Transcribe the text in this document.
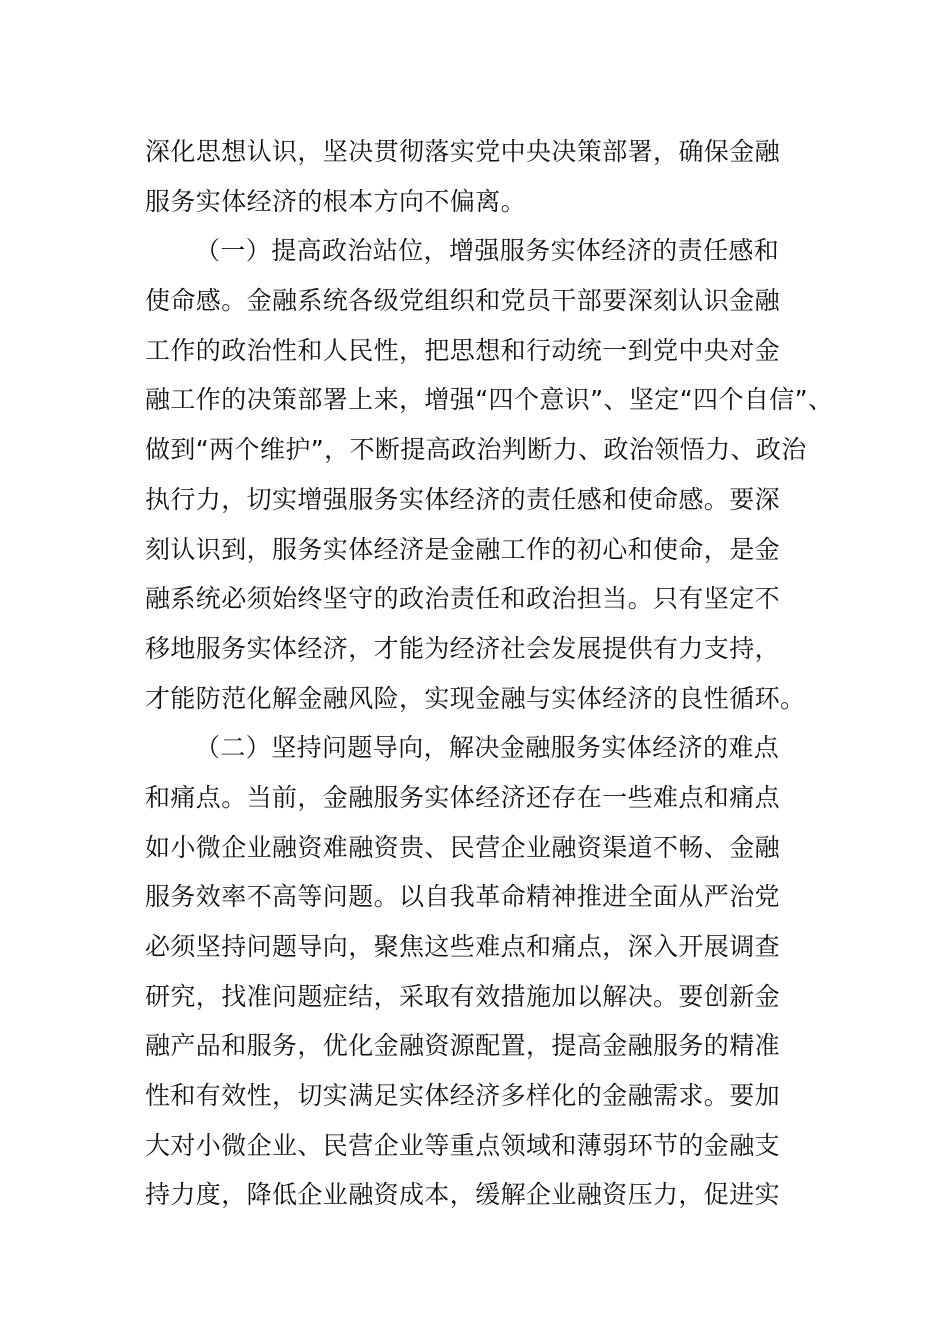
深化思想认识，坚决贯彻落实党中央决策部署，确保金融
服务实体经济的根本方向不偏离。
（一）提高政治站位，增强服务实体经济的责任感和
使命感。金融系统各级党组织和党员干部要深刻认识金融
工作的政治性和人民性，把思想和行动统一到党中央对金
融工作的决策部署上来，增强“四个意识”、坚定“四个自信”、
做到“两个维护”，不断提高政治判断力、政治领悟力、政治
执行力，切实增强服务实体经济的责任感和使命感。要深
刻认识到，服务实体经济是金融工作的初心和使命，是金
融系统必须始终坚守的政治责任和政治担当。只有坚定不
移地服务实体经济，才能为经济社会发展提供有力支持，
才能防范化解金融风险，实现金融与实体经济的良性循环。
（二）坚持问题导向，解决金融服务实体经济的难点
和痛点。当前，金融服务实体经济还存在一些难点和痛点
如小微企业融资难融资贵、民营企业融资渠道不畅、金融
服务效率不高等问题。以自我革命精神推进全面从严治党
必须坚持问题导向，聚焦这些难点和痛点，深入开展调查
研究，找准问题症结，采取有效措施加以解决。要创新金
融产品和服务，优化金融资源配置，提高金融服务的精准
性和有效性，切实满足实体经济多样化的金融需求。要加
大对小微企业、民营企业等重点领域和薄弱环节的金融支
持力度，降低企业融资成本，缓解企业融资压力，促进实
